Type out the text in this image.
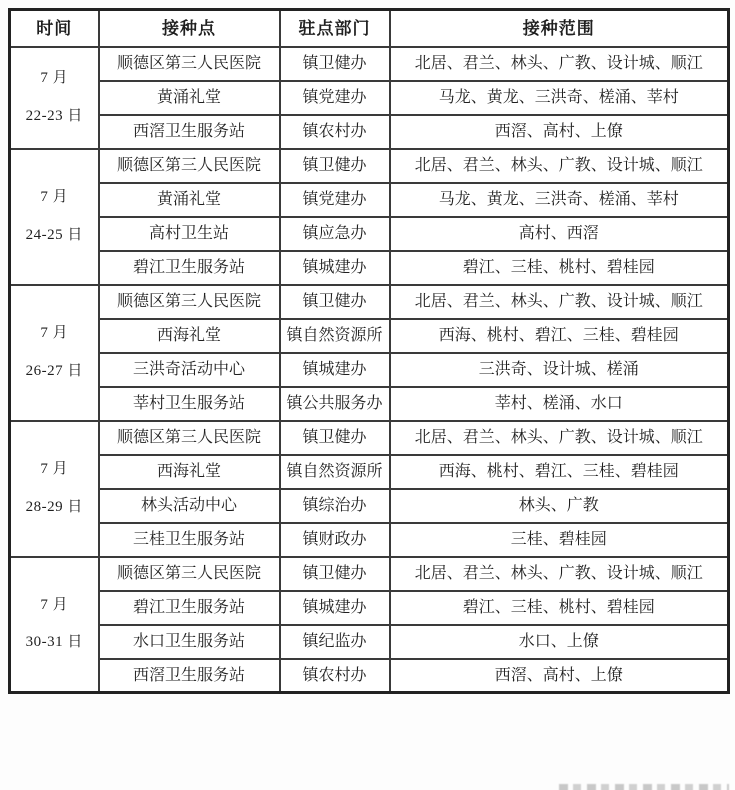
时间	接种点	驻点部门	接种范围

7 月
22-23 日	顺德区第三人民医院	镇卫健办	北居、君兰、林头、广教、设计城、顺江
	黄涌礼堂	镇党建办	马龙、黄龙、三洪奇、槎涌、莘村
	西滘卫生服务站	镇农村办	西滘、高村、上僚

7 月
24-25 日	顺德区第三人民医院	镇卫健办	北居、君兰、林头、广教、设计城、顺江
	黄涌礼堂	镇党建办	马龙、黄龙、三洪奇、槎涌、莘村
	高村卫生站	镇应急办	高村、西滘
	碧江卫生服务站	镇城建办	碧江、三桂、桃村、碧桂园

7 月
26-27 日	顺德区第三人民医院	镇卫健办	北居、君兰、林头、广教、设计城、顺江
	西海礼堂	镇自然资源所	西海、桃村、碧江、三桂、碧桂园
	三洪奇活动中心	镇城建办	三洪奇、设计城、槎涌
	莘村卫生服务站	镇公共服务办	莘村、槎涌、水口

7 月
28-29 日	顺德区第三人民医院	镇卫健办	北居、君兰、林头、广教、设计城、顺江
	西海礼堂	镇自然资源所	西海、桃村、碧江、三桂、碧桂园
	林头活动中心	镇综治办	林头、广教
	三桂卫生服务站	镇财政办	三桂、碧桂园

7 月
30-31 日	顺德区第三人民医院	镇卫健办	北居、君兰、林头、广教、设计城、顺江
	碧江卫生服务站	镇城建办	碧江、三桂、桃村、碧桂园
	水口卫生服务站	镇纪监办	水口、上僚
	西滘卫生服务站	镇农村办	西滘、高村、上僚
